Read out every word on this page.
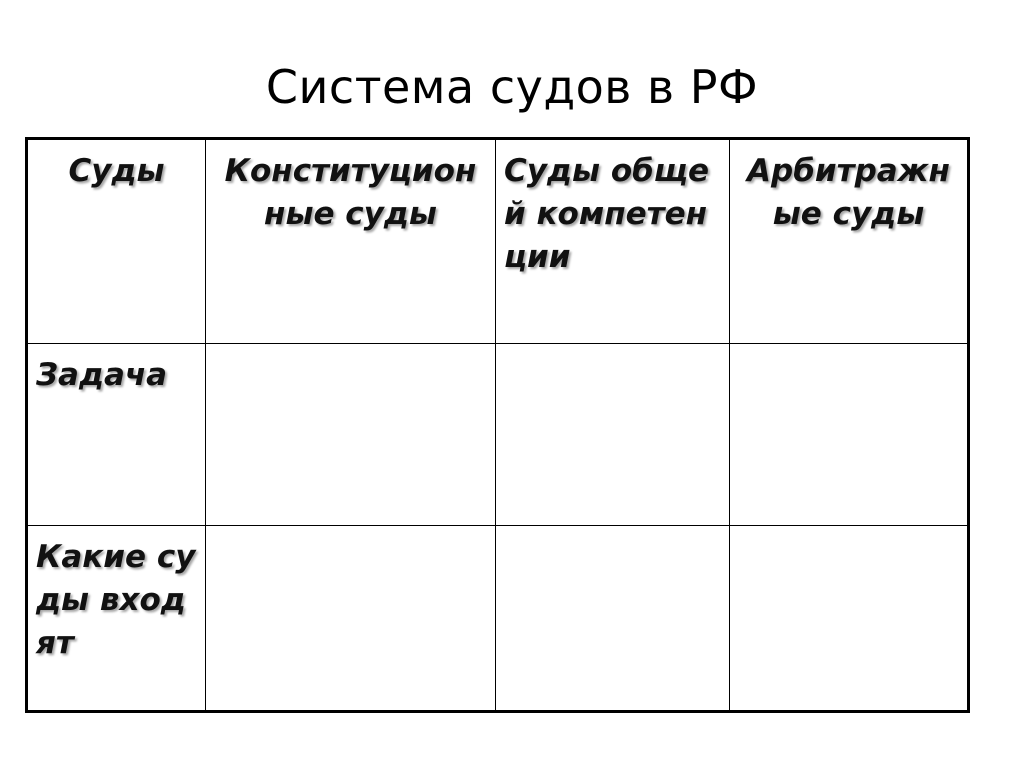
Система судов в РФ
Суды	Конституционные суды	Суды общей компетенции	Арбитражные суды
Задача			
Какие суды входят			
